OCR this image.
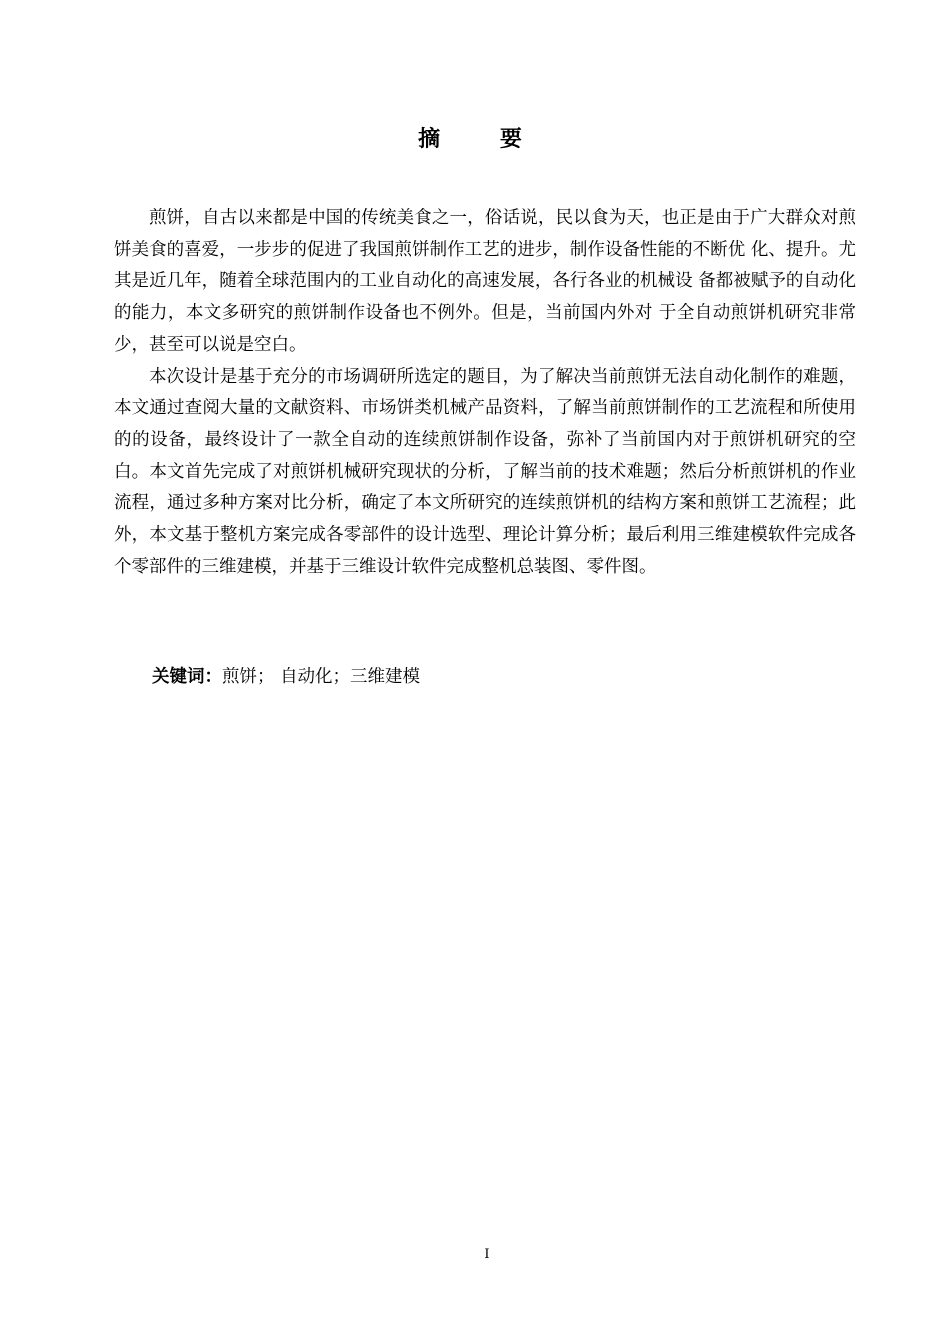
摘 要

煎饼，自古以来都是中国的传统美食之一，俗话说，民以食为天，也正是由于广大群众对煎饼美食的喜爱，一步步的促进了我国煎饼制作工艺的进步，制作设备性能的不断优 化、提升。尤其是近几年，随着全球范围内的工业自动化的高速发展，各行各业的机械设 备都被赋予的自动化的能力，本文多研究的煎饼制作设备也不例外。但是，当前国内外对 于全自动煎饼机研究非常少，甚至可以说是空白。

本次设计是基于充分的市场调研所选定的题目，为了解决当前煎饼无法自动化制作的难题，本文通过查阅大量的文献资料、市场饼类机械产品资料，了解当前煎饼制作的工艺流程和所使用的的设备，最终设计了一款全自动的连续煎饼制作设备，弥补了当前国内对于煎饼机研究的空白。本文首先完成了对煎饼机械研究现状的分析，了解当前的技术难题；然后分析煎饼机的作业流程，通过多种方案对比分析，确定了本文所研究的连续煎饼机的结构方案和煎饼工艺流程；此外，本文基于整机方案完成各零部件的设计选型、理论计算分析；最后利用三维建模软件完成各个零部件的三维建模，并基于三维设计软件完成整机总装图、零件图。

关键词：煎饼； 自动化；三维建模
I
